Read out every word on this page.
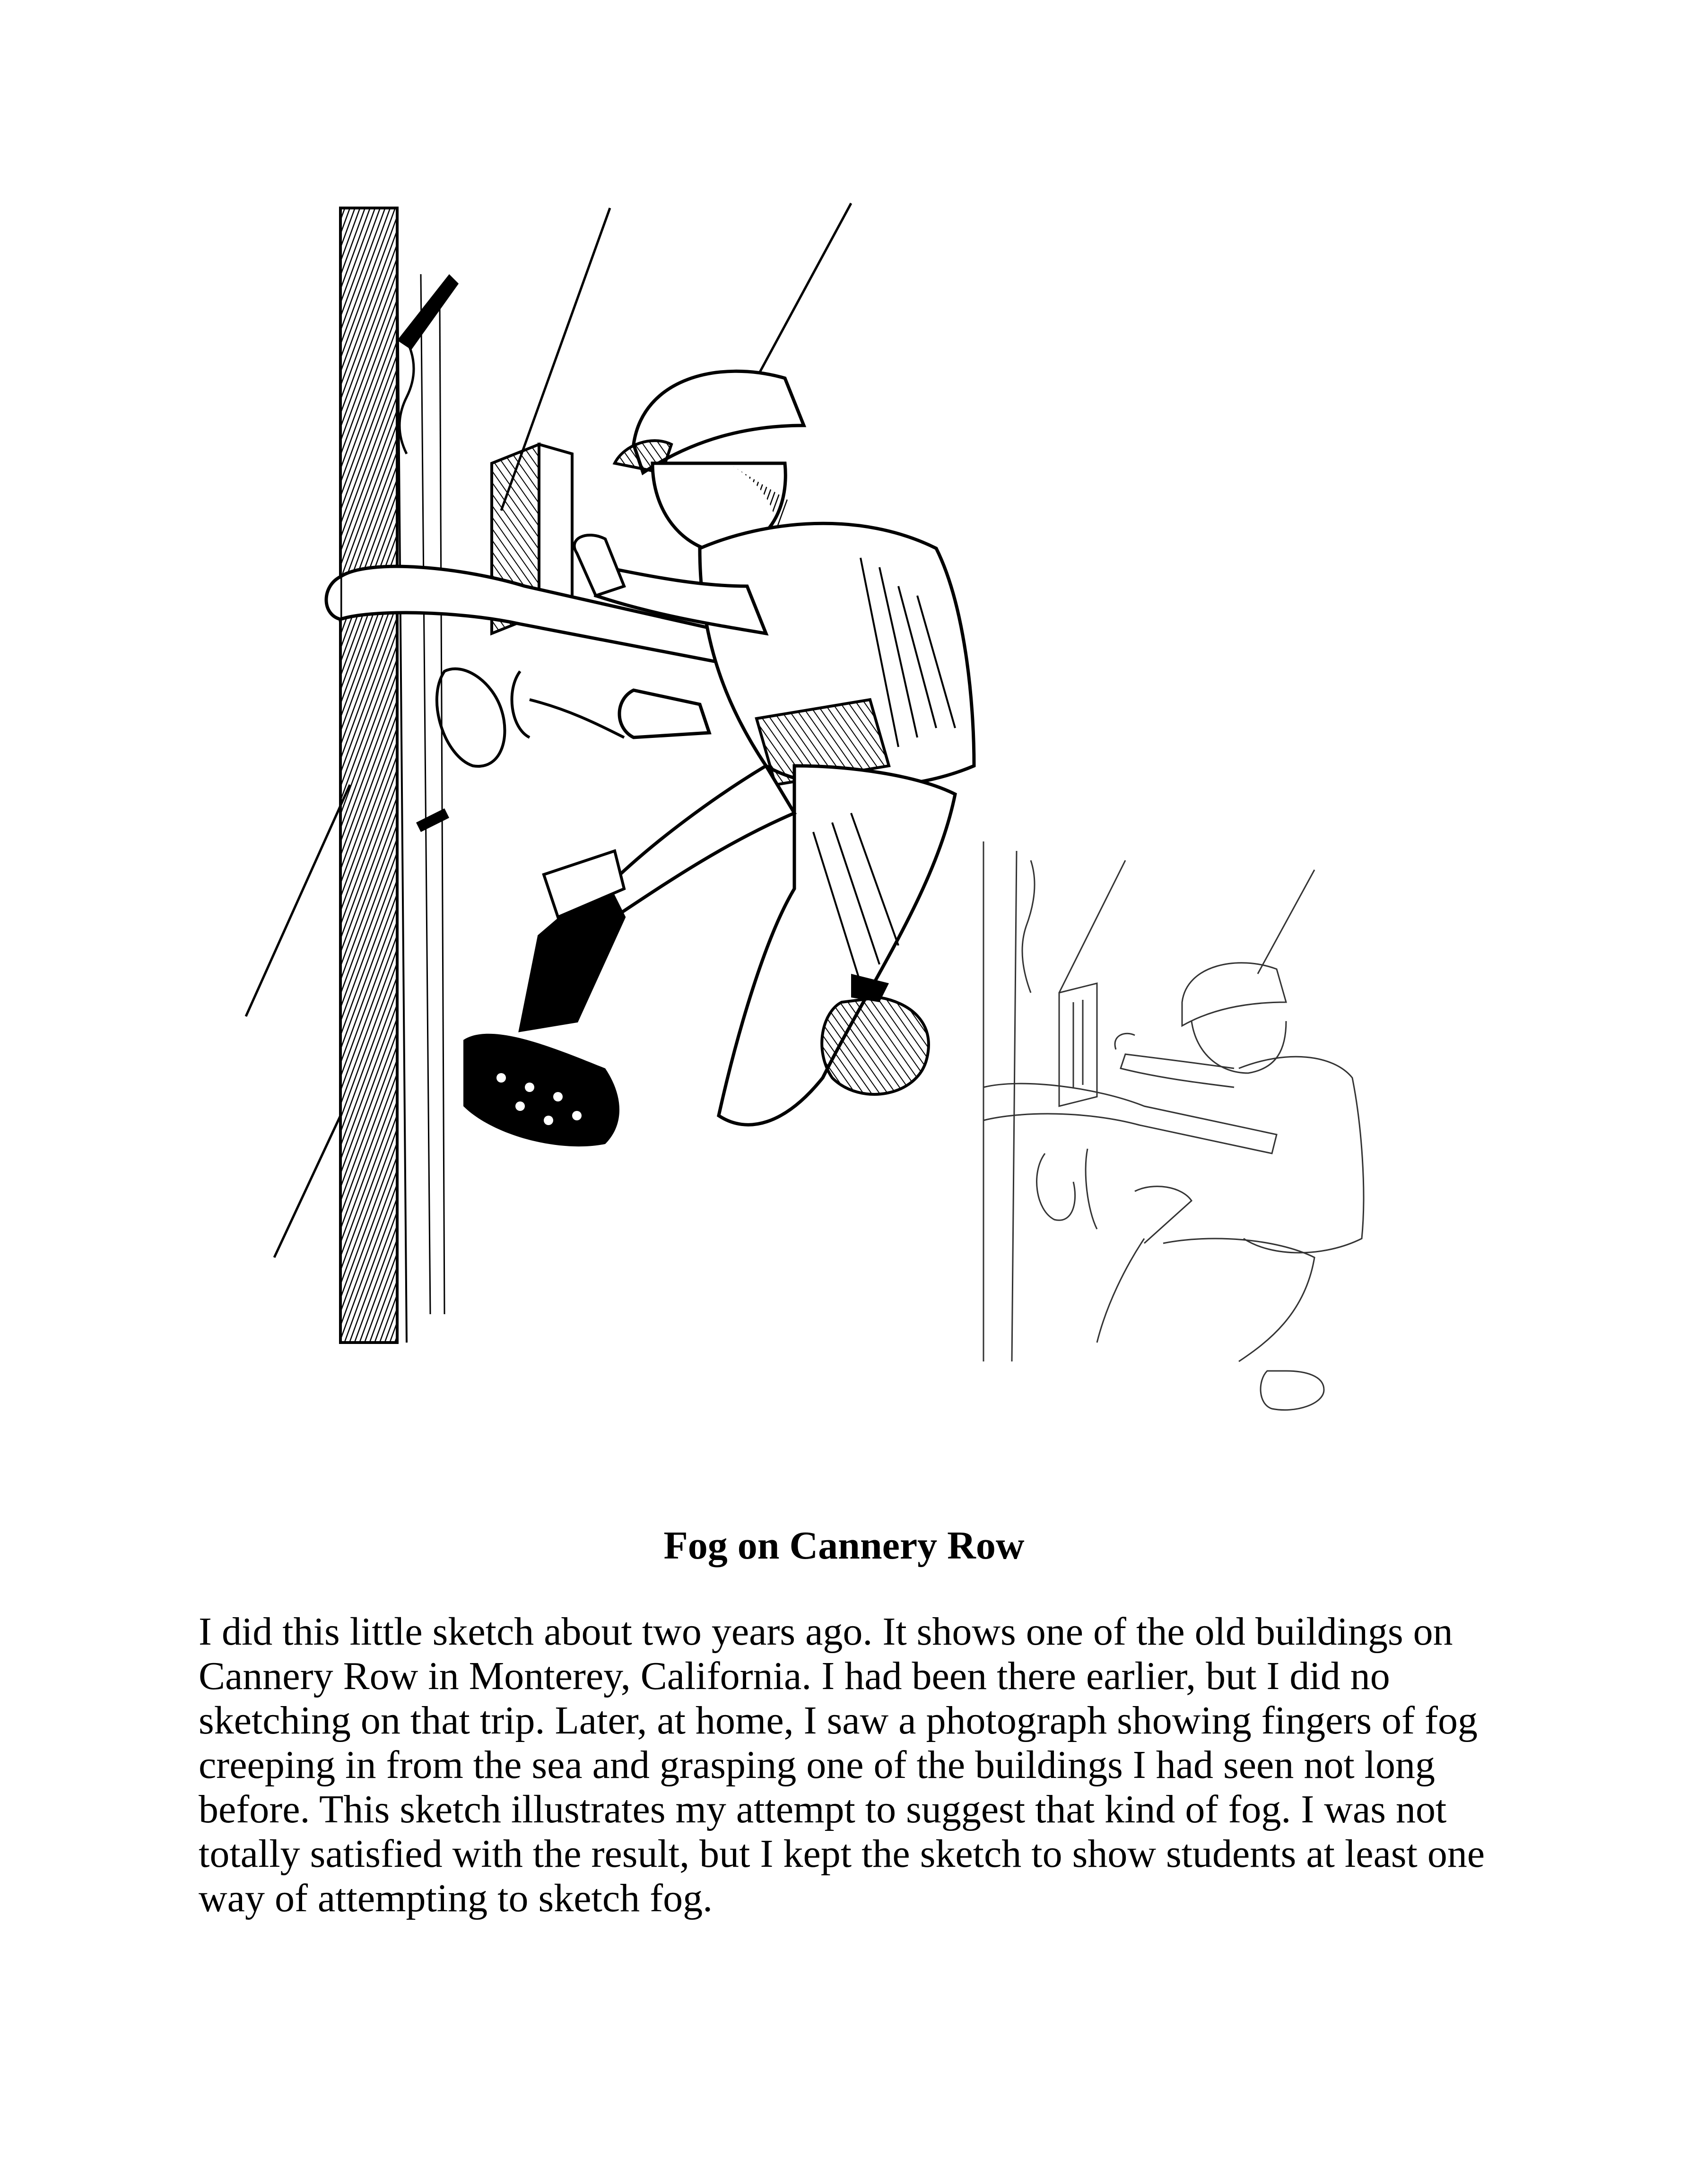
Fog on Cannery Row
I did this little sketch about two years ago. It shows one of the old buildings on
Cannery Row in Monterey, California. I had been there earlier, but I did no
sketching on that trip. Later, at home, I saw a photograph showing fingers of fog
creeping in from the sea and grasping one of the buildings I had seen not long
before. This sketch illustrates my attempt to suggest that kind of fog. I was not
totally satisfied with the result, but I kept the sketch to show students at least one
way of attempting to sketch fog.
